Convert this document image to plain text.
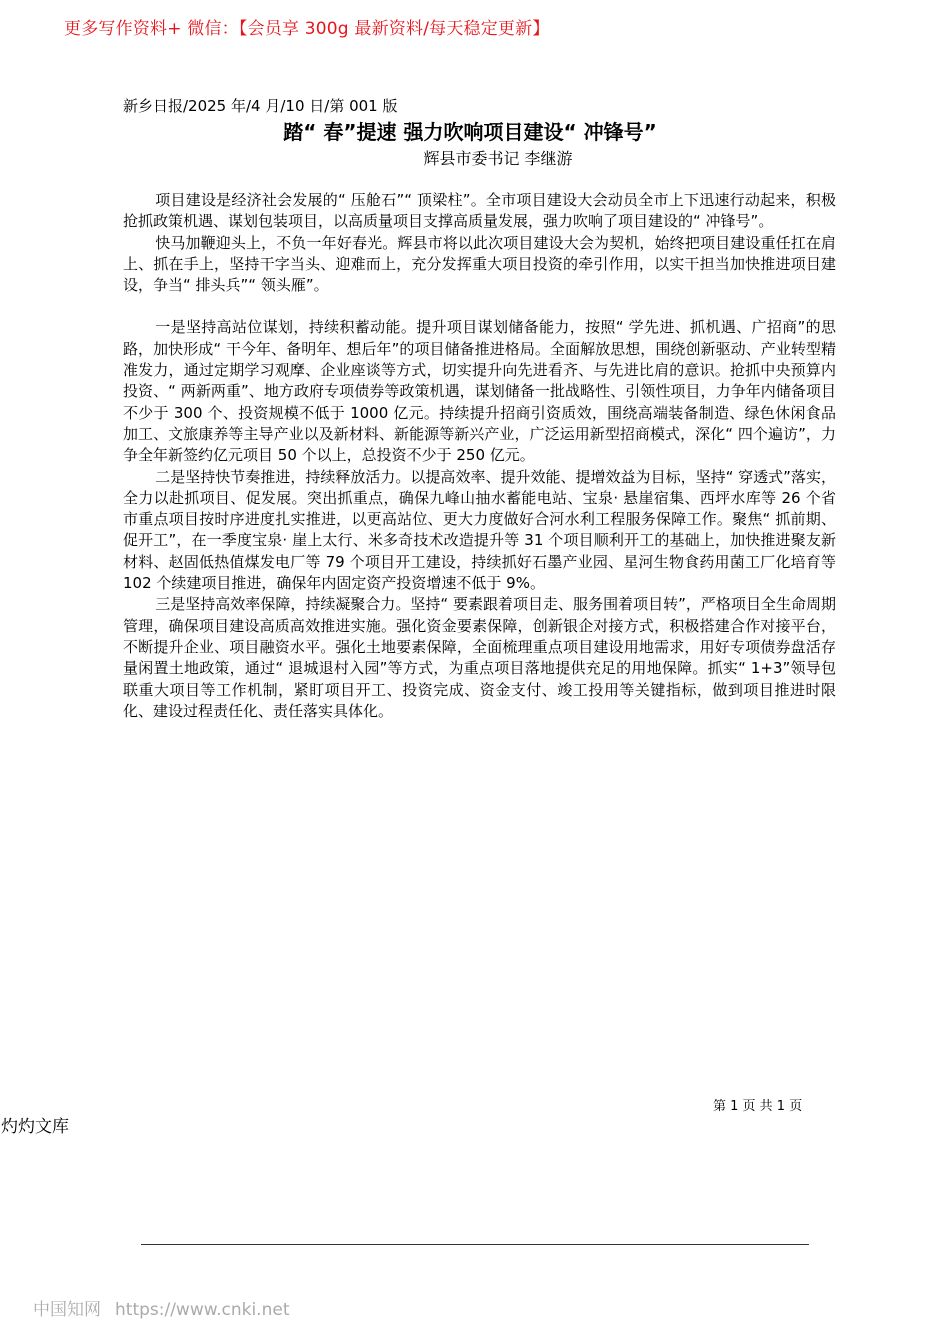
更多写作资料+ 微信：【会员享 300g 最新资料/每天稳定更新】
新乡日报/2025 年/4 月/10 日/第 001 版
踏“ 春”提速 强力吹响项目建设“ 冲锋号”
辉县市委书记 李继游

项目建设是经济社会发展的“ 压舱石”“ 顶梁柱”。全市项目建设大会动员全市上下迅速行动起来，积极抢抓政策机遇、谋划包装项目，以高质量项目支撑高质量发展，强力吹响了项目建设的“ 冲锋号”。

快马加鞭迎头上，不负一年好春光。辉县市将以此次项目建设大会为契机，始终把项目建设重任扛在肩上、抓在手上，坚持干字当头、迎难而上，充分发挥重大项目投资的牵引作用，以实干担当加快推进项目建设，争当“ 排头兵”“ 领头雁”。

一是坚持高站位谋划，持续积蓄动能。提升项目谋划储备能力，按照“ 学先进、抓机遇、广招商”的思路，加快形成“ 干今年、备明年、想后年”的项目储备推进格局。全面解放思想，围绕创新驱动、产业转型精准发力，通过定期学习观摩、企业座谈等方式，切实提升向先进看齐、与先进比肩的意识。抢抓中央预算内投资、“ 两新两重”、地方政府专项债券等政策机遇，谋划储备一批战略性、引领性项目，力争年内储备项目不少于 300 个、投资规模不低于 1000 亿元。持续提升招商引资质效，围绕高端装备制造、绿色休闲食品加工、文旅康养等主导产业以及新材料、新能源等新兴产业，广泛运用新型招商模式，深化“ 四个遍访”，力争全年新签约亿元项目 50 个以上，总投资不少于 250 亿元。

二是坚持快节奏推进，持续释放活力。以提高效率、提升效能、提增效益为目标，坚持“ 穿透式”落实，全力以赴抓项目、促发展。突出抓重点，确保九峰山抽水蓄能电站、宝泉· 悬崖宿集、西坪水库等 26 个省市重点项目按时序进度扎实推进，以更高站位、更大力度做好合河水利工程服务保障工作。聚焦“ 抓前期、促开工”，在一季度宝泉· 崖上太行、米多奇技术改造提升等 31 个项目顺利开工的基础上，加快推进聚友新材料、赵固低热值煤发电厂等 79 个项目开工建设，持续抓好石墨产业园、星河生物食药用菌工厂化培育等 102 个续建项目推进，确保年内固定资产投资增速不低于 9%。

三是坚持高效率保障，持续凝聚合力。坚持“ 要素跟着项目走、服务围着项目转”，严格项目全生命周期管理，确保项目建设高质高效推进实施。强化资金要素保障，创新银企对接方式，积极搭建合作对接平台，不断提升企业、项目融资水平。强化土地要素保障，全面梳理重点项目建设用地需求，用好专项债券盘活存量闲置土地政策，通过“ 退城退村入园”等方式，为重点项目落地提供充足的用地保障。抓实“ 1+3”领导包联重大项目等工作机制，紧盯项目开工、投资完成、资金支付、竣工投用等关键指标，做到项目推进时限化、建设过程责任化、责任落实具体化。

第 1 页 共 1 页
灼灼文库
中国知网 https://www.cnki.net
